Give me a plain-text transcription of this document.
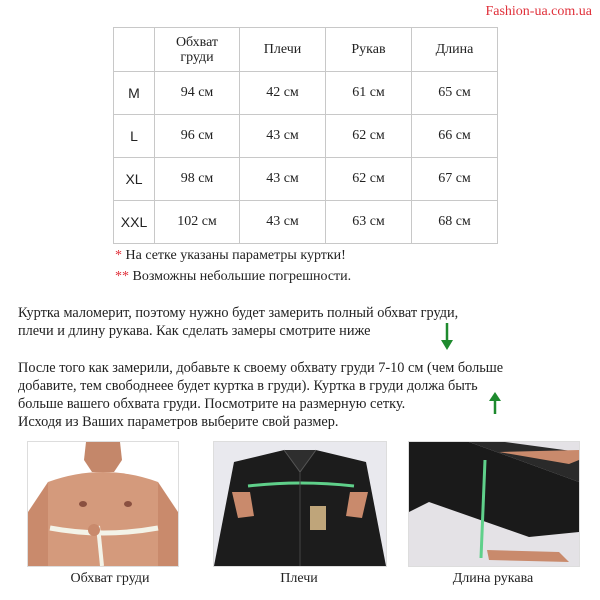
Fashion-ua.com.ua
	Обхват груди	Плечи	Рукав	Длина
M	94 см	42 см	61 см	65 см
L	96 см	43 см	62 см	66 см
XL	98 см	43 см	62 см	67 см
XXL	102 см	43 см	63 см	68 см
* На сетке указаны параметры куртки!
** Возможны небольшие погрешности.
Куртка маломерит, поэтому нужно будет замерить полный обхват груди,
плечи и длину рукава. Как сделать замеры смотрите ниже
После того как замерили, добавьте к своему обхвату груди 7-10 см (чем больше
добавите, тем свободнеее будет куртка в груди). Куртка в груди должа быть
больше вашего обхвата груди. Посмотрите на размерную сетку.
Исходя из Ваших параметров выберите свой размер.
Обхват груди	Плечи	Длина рукава
